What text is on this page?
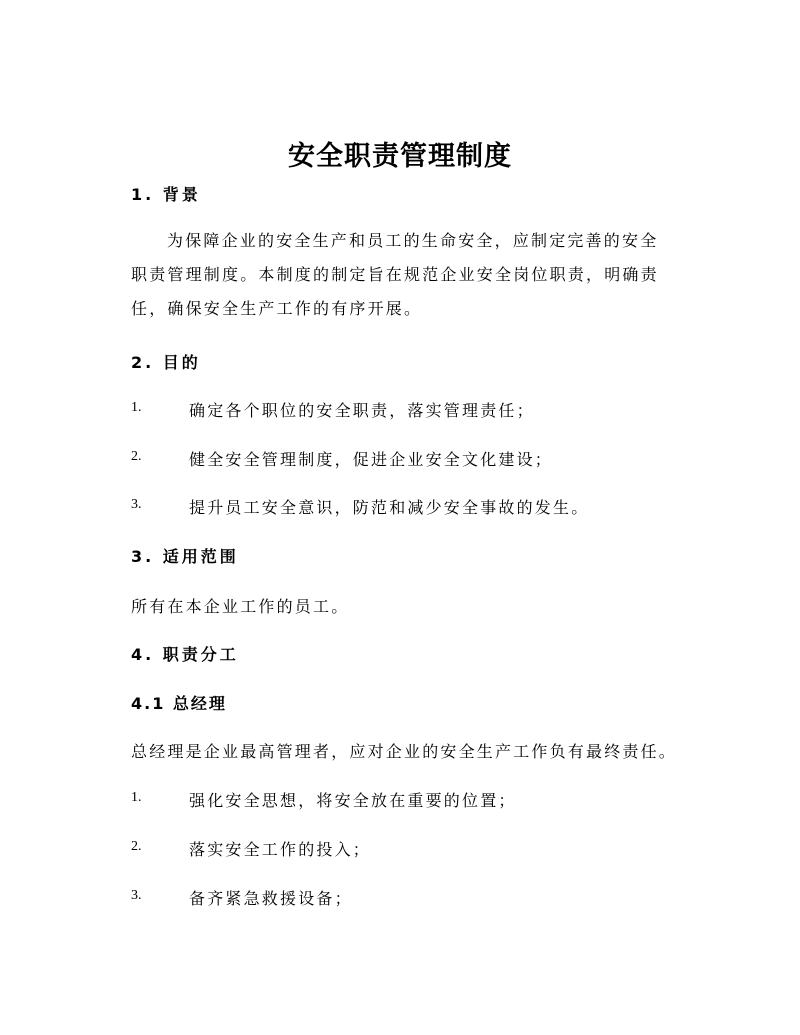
安全职责管理制度
1. 背景

为保障企业的安全生产和员工的生命安全，应制定完善的安全职责管理制度。本制度的制定旨在规范企业安全岗位职责，明确责任，确保安全生产工作的有序开展。

2. 目的
1.	确定各个职位的安全职责，落实管理责任；
2.	健全安全管理制度，促进企业安全文化建设；
3.	提升员工安全意识，防范和减少安全事故的发生。
3. 适用范围

所有在本企业工作的员工。

4. 职责分工
4.1 总经理

总经理是企业最高管理者，应对企业的安全生产工作负有最终责任。

1.	强化安全思想，将安全放在重要的位置；
2.	落实安全工作的投入；
3.	备齐紧急救援设备；
